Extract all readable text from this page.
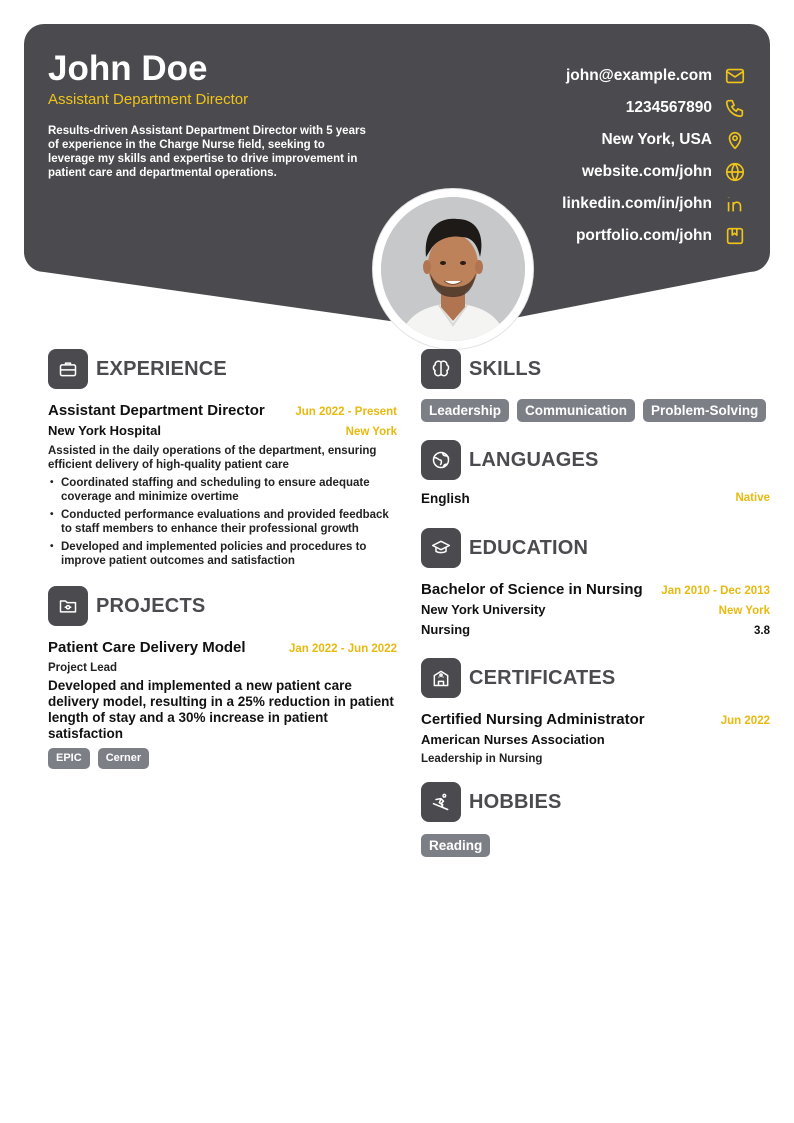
John Doe
Assistant Department Director
Results-driven Assistant Department Director with 5 years of experience in the Charge Nurse field, seeking to leverage my skills and expertise to drive improvement in patient care and departmental operations.
john@example.com
1234567890
New York, USA
website.com/john
linkedin.com/in/john
portfolio.com/john
EXPERIENCE
Assistant Department Director	Jun 2022 - Present
New York Hospital	New York
Assisted in the daily operations of the department, ensuring efficient delivery of high-quality patient care
• Coordinated staffing and scheduling to ensure adequate coverage and minimize overtime
• Conducted performance evaluations and provided feedback to staff members to enhance their professional growth
• Developed and implemented policies and procedures to improve patient outcomes and satisfaction
PROJECTS
Patient Care Delivery Model	Jan 2022 - Jun 2022
Project Lead
Developed and implemented a new patient care delivery model, resulting in a 25% reduction in patient length of stay and a 30% increase in patient satisfaction
EPIC	Cerner
SKILLS
Leadership	Communication	Problem-Solving
LANGUAGES
English	Native
EDUCATION
Bachelor of Science in Nursing Jan 2010 - Dec 2013
New York University	New York
Nursing	3.8
CERTIFICATES
Certified Nursing Administrator	Jun 2022
American Nurses Association
Leadership in Nursing
HOBBIES
Reading
